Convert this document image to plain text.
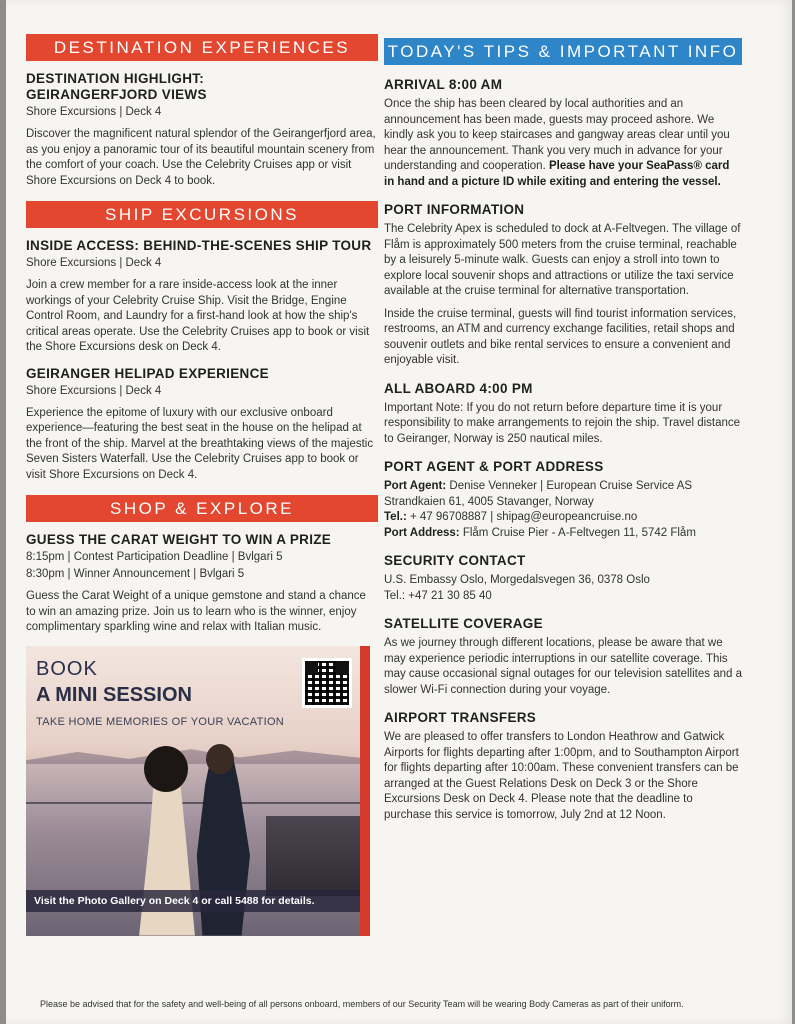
DESTINATION EXPERIENCES
DESTINATION HIGHLIGHT:
GEIRANGERFJORD VIEWS
Shore Excursions | Deck 4

Discover the magnificent natural splendor of the Geirangerfjord area, as you enjoy a panoramic tour of its beautiful mountain scenery from the comfort of your coach. Use the Celebrity Cruises app or visit Shore Excursions on Deck 4 to book.

SHIP EXCURSIONS
INSIDE ACCESS: BEHIND-THE-SCENES SHIP TOUR
Shore Excursions | Deck 4

Join a crew member for a rare inside-access look at the inner workings of your Celebrity Cruise Ship. Visit the Bridge, Engine Control Room, and Laundry for a first-hand look at how the ship's critical areas operate. Use the Celebrity Cruises app to book or visit the Shore Excursions desk on Deck 4.

GEIRANGER HELIPAD EXPERIENCE
Shore Excursions | Deck 4

Experience the epitome of luxury with our exclusive onboard experience—featuring the best seat in the house on the helipad at the front of the ship. Marvel at the breathtaking views of the majestic Seven Sisters Waterfall. Use the Celebrity Cruises app to book or visit Shore Excursions on Deck 4.

SHOP & EXPLORE
GUESS THE CARAT WEIGHT TO WIN A PRIZE
8:15pm | Contest Participation Deadline | Bvlgari 5
8:30pm | Winner Announcement | Bvlgari 5

Guess the Carat Weight of a unique gemstone and stand a chance to win an amazing prize. Join us to learn who is the winner, enjoy complimentary sparkling wine and relax with Italian music.

BOOK
A MINI SESSION
TAKE HOME MEMORIES OF YOUR VACATION
Visit the Photo Gallery on Deck 4 or call 5488 for details.
TODAY'S TIPS & IMPORTANT INFO
ARRIVAL 8:00 AM

Once the ship has been cleared by local authorities and an announcement has been made, guests may proceed ashore. We kindly ask you to keep staircases and gangway areas clear until you hear the announcement. Thank you very much in advance for your understanding and cooperation. Please have your SeaPass® card in hand and a picture ID while exiting and entering the vessel.

PORT INFORMATION

The Celebrity Apex is scheduled to dock at A-Feltvegen. The village of Flåm is approximately 500 meters from the cruise terminal, reachable by a leisurely 5-minute walk. Guests can enjoy a stroll into town to explore local souvenir shops and attractions or utilize the taxi service available at the cruise terminal for alternative transportation.

Inside the cruise terminal, guests will find tourist information services, restrooms, an ATM and currency exchange facilities, retail shops and souvenir outlets and bike rental services to ensure a convenient and enjoyable visit.

ALL ABOARD 4:00 PM

Important Note: If you do not return before departure time it is your responsibility to make arrangements to rejoin the ship. Travel distance to Geiranger, Norway is 250 nautical miles.

PORT AGENT & PORT ADDRESS

Port Agent: Denise Venneker | European Cruise Service AS
Strandkaien 61, 4005 Stavanger, Norway
Tel.: + 47 96708887 | shipag@europeancruise.no
Port Address: Flåm Cruise Pier - A-Feltvegen 11, 5742 Flåm

SECURITY CONTACT

U.S. Embassy Oslo, Morgedalsvegen 36, 0378 Oslo
Tel.: +47 21 30 85 40

SATELLITE COVERAGE

As we journey through different locations, please be aware that we may experience periodic interruptions in our satellite coverage. This may cause occasional signal outages for our television satellites and a slower Wi-Fi connection during your voyage.

AIRPORT TRANSFERS

We are pleased to offer transfers to London Heathrow and Gatwick Airports for flights departing after 1:00pm, and to Southampton Airport for flights departing after 10:00am. These convenient transfers can be arranged at the Guest Relations Desk on Deck 3 or the Shore Excursions Desk on Deck 4. Please note that the deadline to purchase this service is tomorrow, July 2nd at 12 Noon.

Please be advised that for the safety and well-being of all persons onboard, members of our Security Team will be wearing Body Cameras as part of their uniform.
